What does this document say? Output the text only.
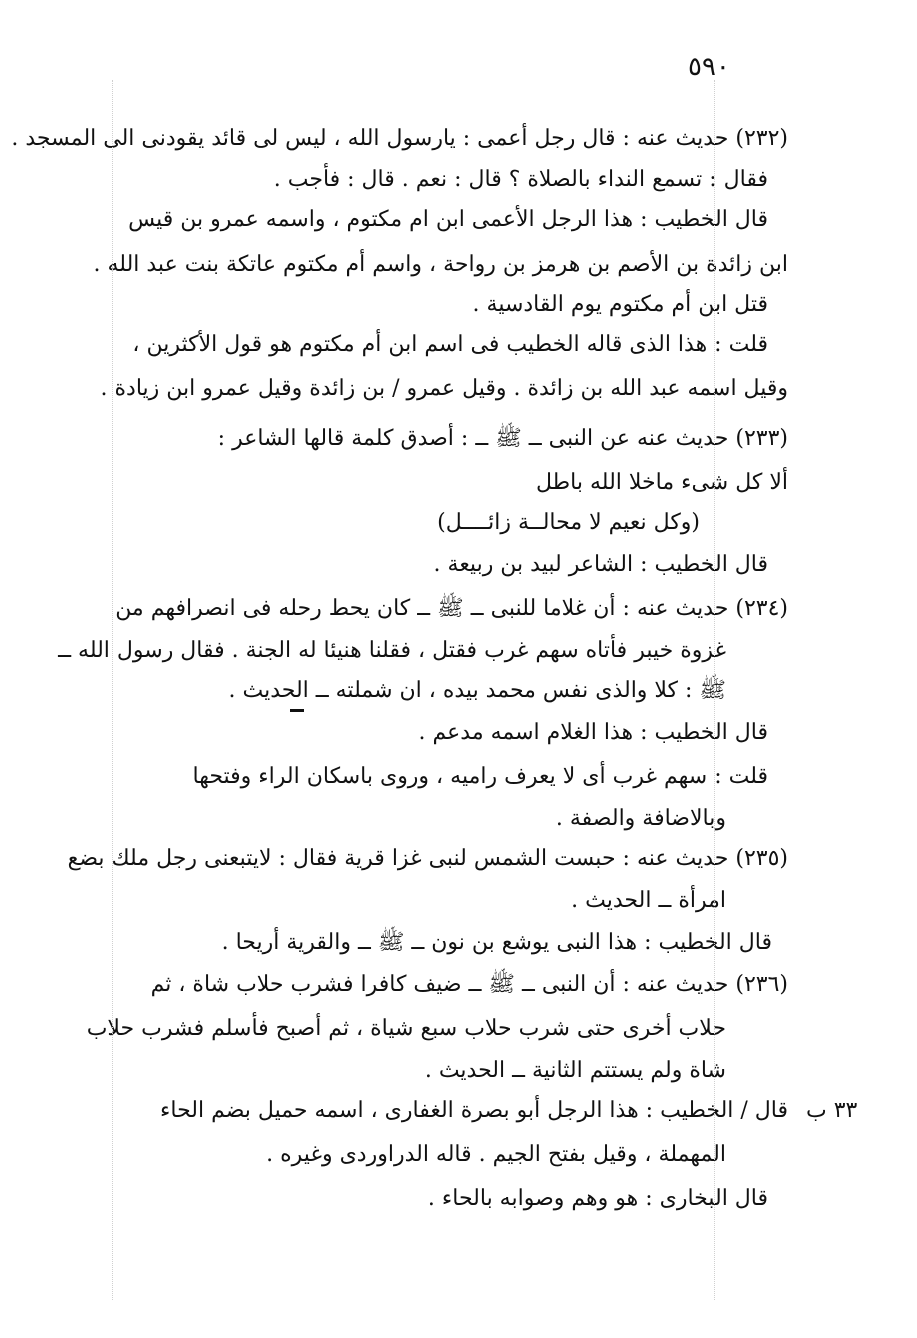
٥٩٠
٣٣ ب
(٢٣٢) حديث عنه : قال رجل أعمى : يارسول الله ، ليس لى قائد يقودنى الى المسجد .
فقال : تسمع النداء بالصلاة ؟ قال : نعم . قال : فأجب .
قال الخطيب : هذا الرجل الأعمى ابن ام مكتوم ، واسمه عمرو بن قيس
ابن زائدة بن الأصم بن هرمز بن رواحة ، واسم أم مكتوم عاتكة بنت عبد الله .
قتل ابن أم مكتوم يوم القادسية .
قلت : هذا الذى قاله الخطيب فى اسم ابن أم مكتوم هو قول الأكثرين ،
وقيل اسمه عبد الله بن زائدة . وقيل عمرو / بن زائدة وقيل عمرو ابن زيادة .
(٢٣٣) حديث عنه عن النبى ــ ﷺ ــ : أصدق كلمة قالها الشاعر :
ألا كل شىء ماخلا الله باطل
(وكل نعيم لا محالــة زائــــل)
قال الخطيب : الشاعر لبيد بن ربيعة .
(٢٣٤) حديث عنه : أن غلاما للنبى ــ ﷺ ــ كان يحط رحله فى انصرافهم من
غزوة خيبر فأتاه سهم غرب فقتل ، فقلنا هنيئا له الجنة . فقال رسول الله ــ
ﷺ : كلا والذى نفس محمد بيده ، ان شملته ــ الحديث .
قال الخطيب : هذا الغلام اسمه مدعم .
قلت : سهم غرب أى لا يعرف راميه ، وروى باسكان الراء وفتحها
وبالاضافة والصفة .
(٢٣٥) حديث عنه : حبست الشمس لنبى غزا قرية فقال : لايتبعنى رجل ملك بضع
امرأة ــ الحديث .
قال الخطيب : هذا النبى يوشع بن نون ــ ﷺ ــ والقرية أريحا .
(٢٣٦) حديث عنه : أن النبى ــ ﷺ ــ ضيف كافرا فشرب حلاب شاة ، ثم
حلاب أخرى حتى شرب حلاب سبع شياة ، ثم أصبح فأسلم فشرب حلاب
شاة ولم يستتم الثانية ــ الحديث .
قال / الخطيب : هذا الرجل أبو بصرة الغفارى ، اسمه حميل بضم الحاء
المهملة ، وقيل بفتح الجيم . قاله الدراوردى وغيره .
قال البخارى : هو وهم وصوابه بالحاء .
